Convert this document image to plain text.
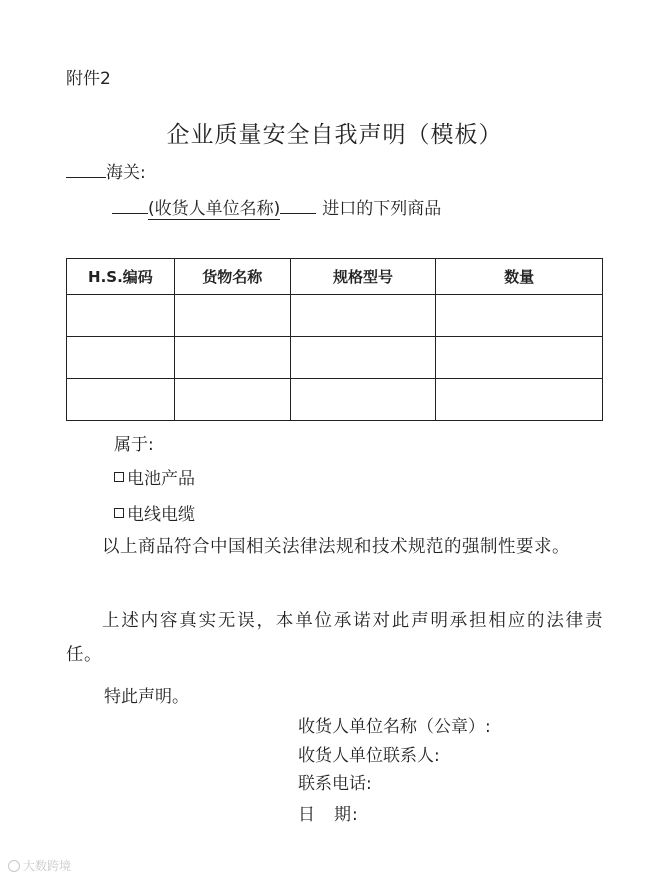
附件2
企业质量安全自我声明（模板）
海关:
(收货人单位名称) 进口的下列商品
H.S.编码	货物名称	规格型号	数量

属于:
电池产品
电线电缆
以上商品符合中国相关法律法规和技术规范的强制性要求。
上述内容真实无误，本单位承诺对此声明承担相应的法律责任。
特此声明。
收货人单位名称（公章）:
收货人单位联系人:
联系电话:
日　期:
大数跨境
